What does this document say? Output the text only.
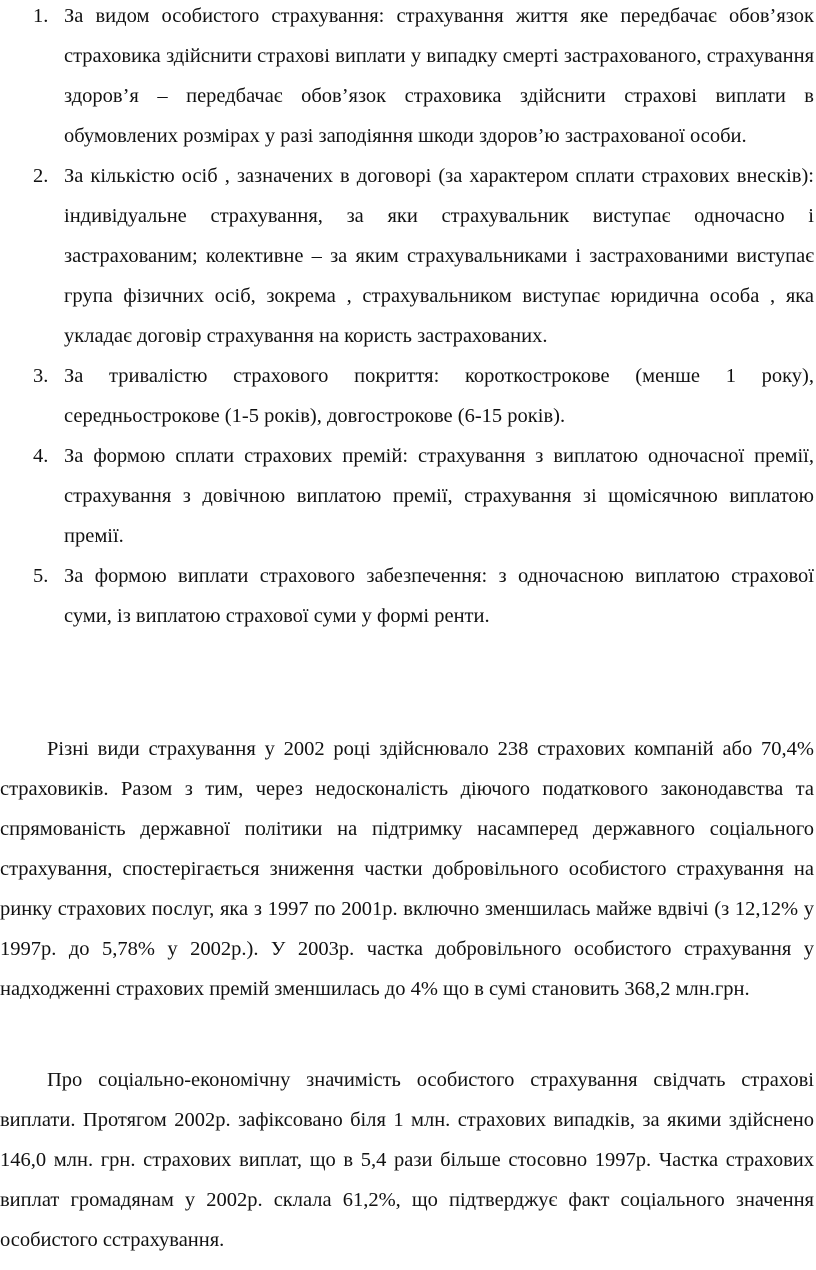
1. За видом особистого страхування: страхування життя яке передбачає обов’язок страховика здійснити страхові виплати у випадку смерті застрахованого, страхування здоров’я – передбачає обов’язок страховика здійснити страхові виплати в обумовлених розмірах у разі заподіяння шкоди здоров’ю застрахованої особи.
2. За кількістю осіб , зазначених в договорі (за характером сплати страхових внесків): індивідуальне страхування, за яки страхувальник виступає одночасно і застрахованим; колективне – за яким страхувальниками і застрахованими виступає група фізичних осіб, зокрема , страхувальником виступає юридична особа , яка укладає договір страхування на користь застрахованих.
3. За тривалістю страхового покриття: короткострокове (менше 1 року), середньострокове (1-5 років), довгострокове (6-15 років).
4. За формою сплати страхових премій: страхування з виплатою одночасної премії, страхування з довічною виплатою премії, страхування зі щомісячною виплатою премії.
5. За формою виплати страхового забезпечення: з одночасною виплатою страхової суми, із виплатою страхової суми у формі ренти.

Різні види страхування у 2002 році здійснювало 238 страхових компаній або 70,4% страховиків. Разом з тим, через недосконаліcть діючого податкового законодавства та спрямованість державної політики на підтримку насамперед державного соціального страхування, спостерігається зниження частки добровільного особистого страхування на ринку страхових послуг, яка з 1997 по 2001р. включно зменшилась майже вдвічі (з 12,12% у 1997р. до 5,78% у 2002р.). У 2003р. частка добровільного особистого страхування у надходженні страхових премій зменшилась до 4% що в сумі становить 368,2 млн.грн.

Про соціально-економічну значимість особистого страхування свідчать страхові виплати. Протягом 2002р. зафіксовано біля 1 млн. страхових випадків, за якими здійснено 146,0 млн. грн. страхових виплат, що в 5,4 рази більше стосовно 1997р. Частка страхових виплат громадянам у 2002р. склала 61,2%, що підтверджує факт соціального значення особистого сстрахування.
